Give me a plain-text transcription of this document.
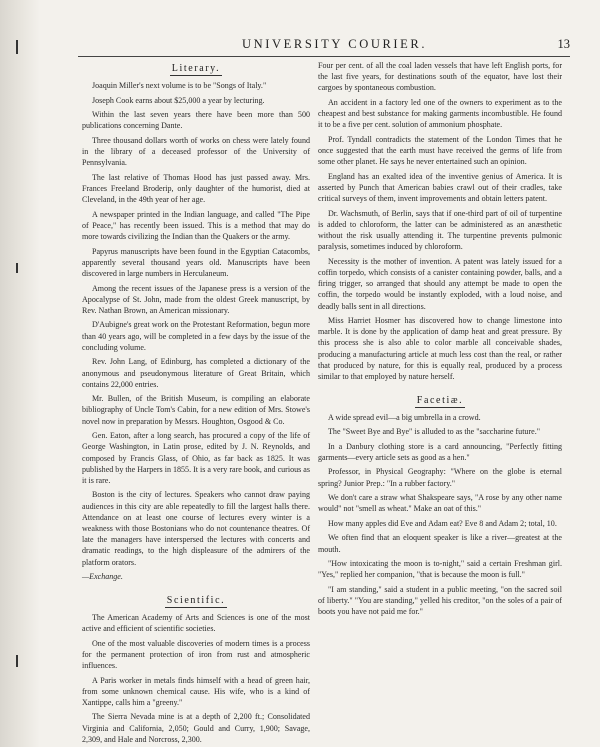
UNIVERSITY COURIER.	13
Literary.

Joaquin Miller's next volume is to be "Songs of Italy."

Joseph Cook earns about $25,000 a year by lecturing.

Within the last seven years there have been more than 500 publications concerning Dante.

Three thousand dollars worth of works on chess were lately found in the library of a deceased professor of the University of Pennsylvania.

The last relative of Thomas Hood has just passed away. Mrs. Frances Freeland Broderip, only daughter of the humorist, died at Cleveland, in the 49th year of her age.

A newspaper printed in the Indian language, and called "The Pipe of Peace," has recently been issued. This is a method that may do more towards civilizing the Indian than the Quakers or the army.

Papyrus manuscripts have been found in the Egyptian Catacombs, apparently several thousand years old. Manuscripts have been discovered in large numbers in Herculaneum.

Among the recent issues of the Japanese press is a version of the Apocalypse of St. John, made from the oldest Greek manuscript, by Rev. Nathan Brown, an American missionary.

D'Aubigne's great work on the Protestant Reformation, begun more than 40 years ago, will be completed in a few days by the issue of the concluding volume.

Rev. John Lang, of Edinburg, has completed a dictionary of the anonymous and pseudonymous literature of Great Britain, which contains 22,000 entries.

Mr. Bullen, of the British Museum, is compiling an elaborate bibliography of Uncle Tom's Cabin, for a new edition of Mrs. Stowe's novel now in preparation by Messrs. Houghton, Osgood & Co.

Gen. Eaton, after a long search, has procured a copy of the life of George Washington, in Latin prose, edited by J. N. Reynolds, and composed by Francis Glass, of Ohio, as far back as 1825. It was published by the Harpers in 1855. It is a very rare book, and curious as it is rare.

Boston is the city of lectures. Speakers who cannot draw paying audiences in this city are able repeatedly to fill the largest halls there. Attendance on at least one course of lectures every winter is a weakness with those Bostonians who do not countenance theatres. Of late the managers have interspersed the lectures with concerts and dramatic readings, to the high displeasure of the admirers of the platform orators.

—Exchange.

Scientific.

The American Academy of Arts and Sciences is one of the most active and efficient of scientific societies.

One of the most valuable discoveries of modern times is a process for the permanent protection of iron from rust and atmospheric influences.

A Paris worker in metals finds himself with a head of green hair, from some unknown chemical cause. His wife, who is a kind of Xantippe, calls him a "greeny."

The Sierra Nevada mine is at a depth of 2,200 ft.; Consolidated Virginia and California, 2,050; Gould and Curry, 1,900; Savage, 2,309, and Hale and Norcross, 2,300.

Four per cent. of all the coal laden vessels that have left English ports, for the last five years, for destinations south of the equator, have lost their cargoes by spontaneous combustion.

An accident in a factory led one of the owners to experiment as to the cheapest and best substance for making garments incombustible. He found it to be a five per cent. solution of ammonium phosphate.

Prof. Tyndall contradicts the statement of the London Times that he once suggested that the earth must have received the germs of life from some other planet. He says he never entertained such an opinion.

England has an exalted idea of the inventive genius of America. It is asserted by Punch that American babies crawl out of their cradles, take critical surveys of them, invent improvements and obtain letters patent.

Dr. Wachsmuth, of Berlin, says that if one-third part of oil of turpentine is added to chloroform, the latter can be administered as an anæsthetic without the risk usually attending it. The turpentine prevents pulmonic paralysis, sometimes induced by chloroform.

Necessity is the mother of invention. A patent was lately issued for a coffin torpedo, which consists of a canister containing powder, balls, and a firing trigger, so arranged that should any attempt be made to open the coffin, the torpedo would be instantly exploded, with a loud noise, and deadly balls sent in all directions.

Miss Harriet Hosmer has discovered how to change limestone into marble. It is done by the application of damp heat and great pressure. By this process she is also able to color marble all conceivable shades, producing a manufacturing article at much less cost than the real, or rather that produced by nature, for this is equally real, produced by a process similar to that employed by nature herself.

Facetiæ.

A wide spread evil—a big umbrella in a crowd.

The "Sweet Bye and Bye" is alluded to as the "saccharine future."

In a Danbury clothing store is a card announcing, "Perfectly fitting garments—every article sets as good as a hen."

Professor, in Physical Geography: "Where on the globe is eternal spring? Junior Prep.: "In a rubber factory."

We don't care a straw what Shakspeare says, "A rose by any other name would" not "smell as wheat." Make an oat of this."

How many apples did Eve and Adam eat? Eve 8 and Adam 2; total, 10.

We often find that an eloquent speaker is like a river—greatest at the mouth.

"How intoxicating the moon is to-night," said a certain Freshman girl. "Yes," replied her companion, "that is because the moon is full."

"I am standing," said a student in a public meeting, "on the sacred soil of liberty." "You are standing," yelled his creditor, "on the soles of a pair of boots you have not paid me for."
